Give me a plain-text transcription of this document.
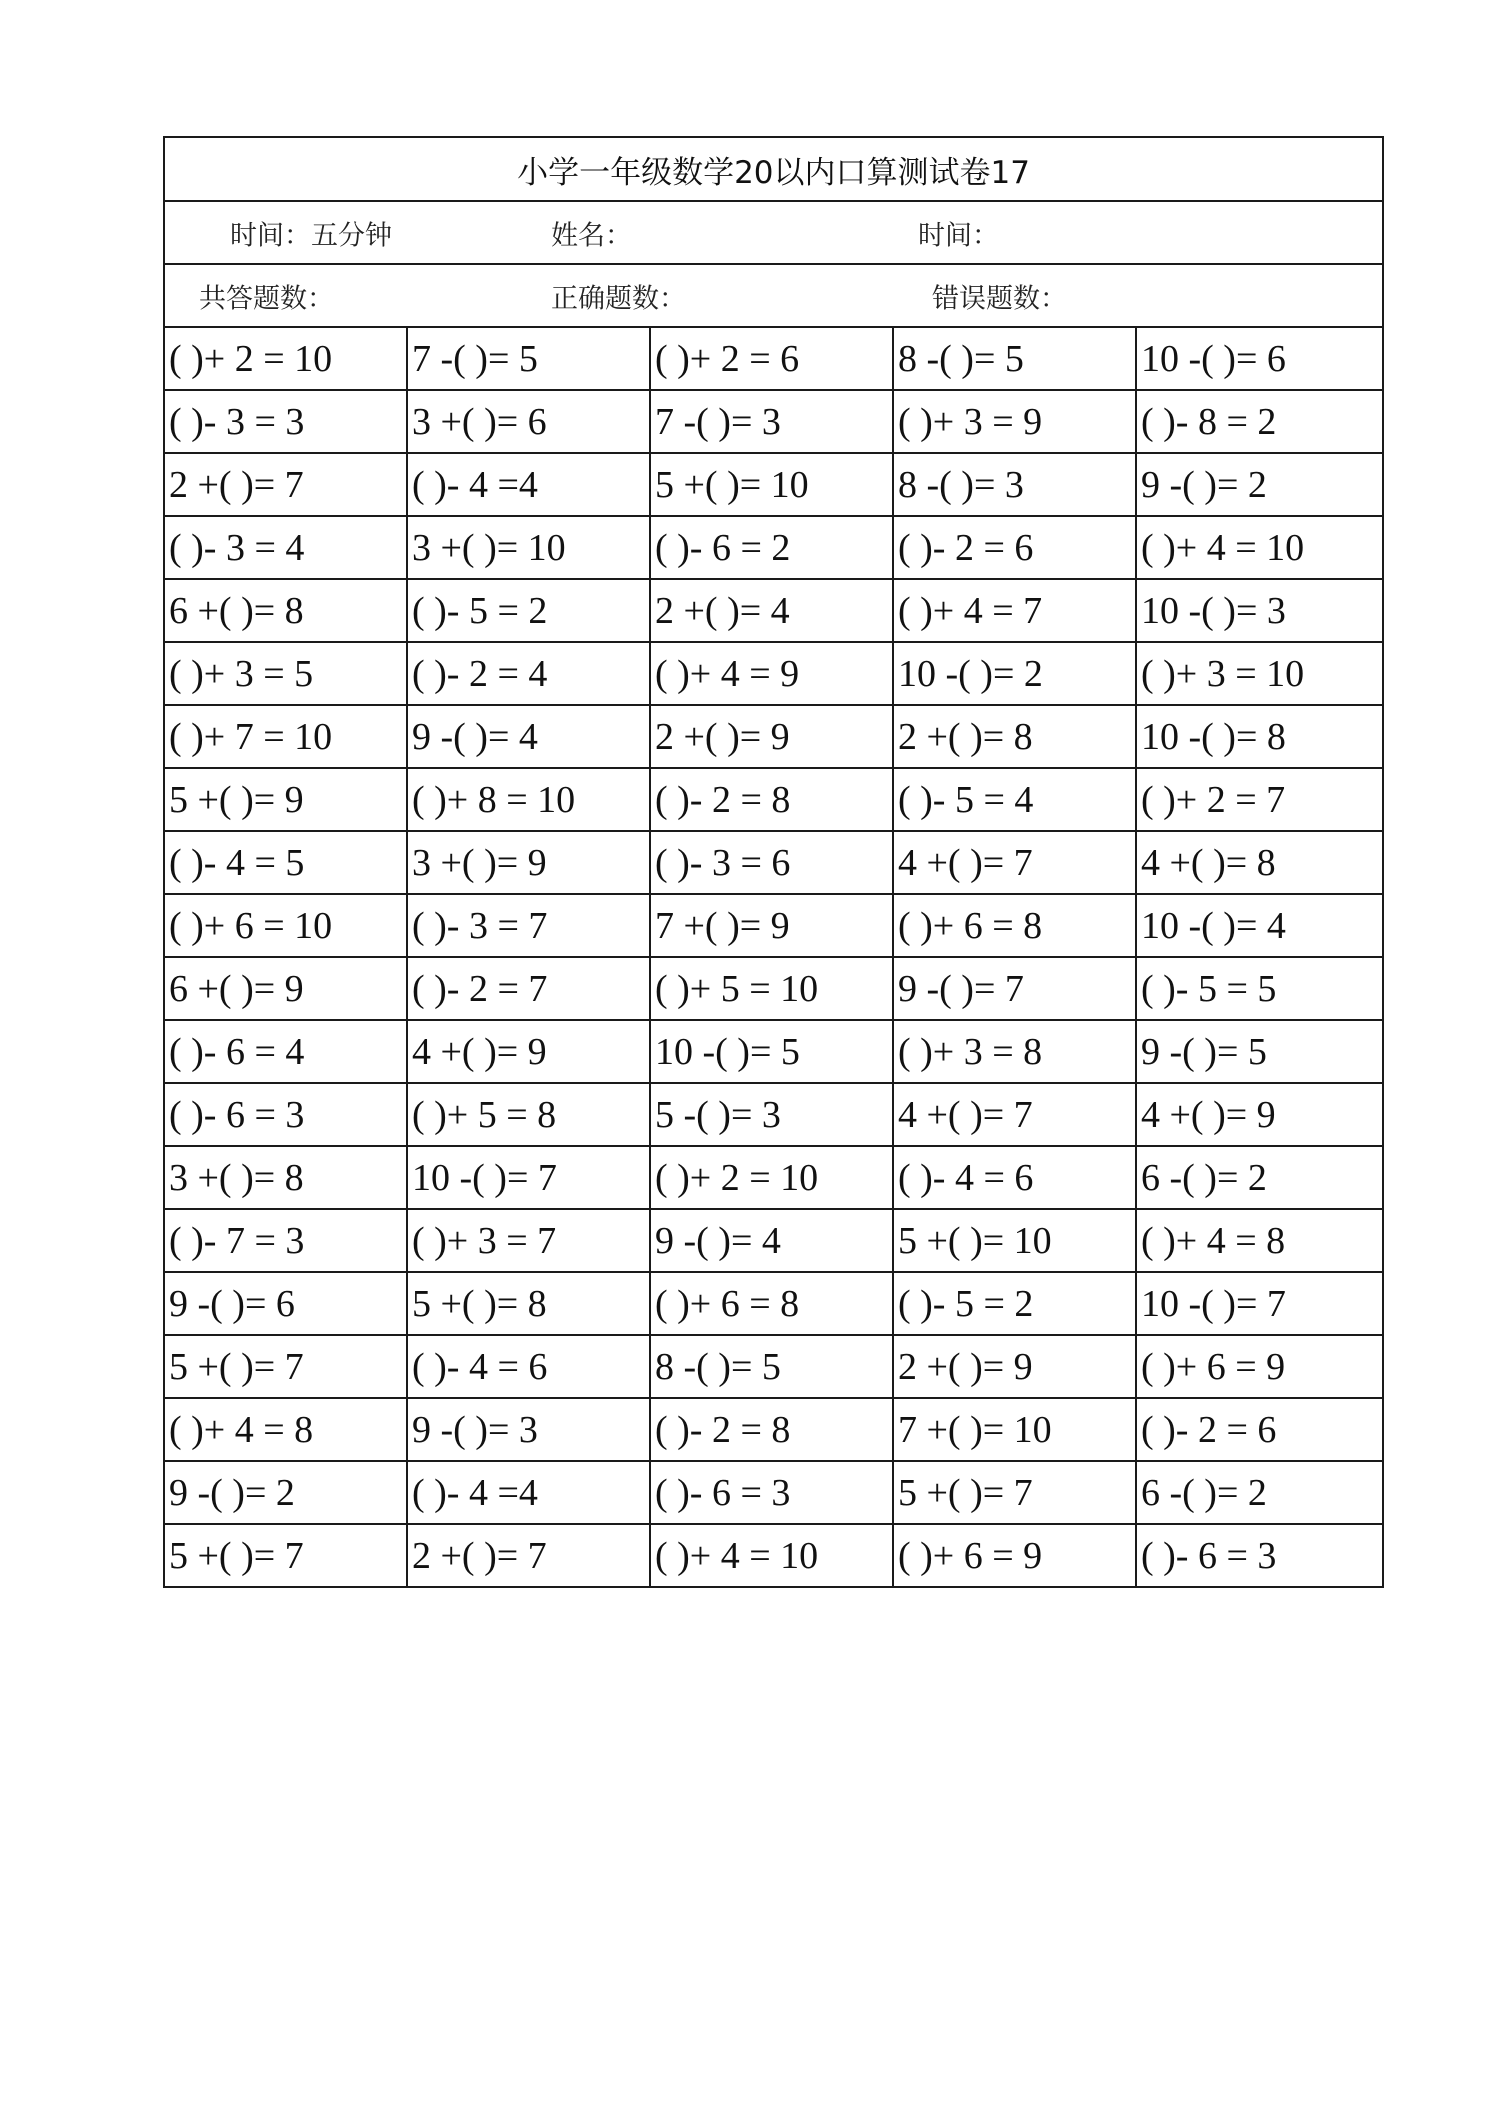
小学一年级数学20以内口算测试卷17				

时间：五分钟 姓名： 时间：				

共答题数： 正确题数： 错误题数：				

( )+ 2 = 10	7 -( )= 5	( )+ 2 = 6	8 -( )= 5	10 -( )= 6
( )- 3 = 3	3 +( )= 6	7 -( )= 3	( )+ 3 = 9	( )- 8 = 2
2 +( )= 7	( )- 4 =4	5 +( )= 10	8 -( )= 3	9 -( )= 2
( )- 3 = 4	3 +( )= 10	( )- 6 = 2	( )- 2 = 6	( )+ 4 = 10
6 +( )= 8	( )- 5 = 2	2 +( )= 4	( )+ 4 = 7	10 -( )= 3
( )+ 3 = 5	( )- 2 = 4	( )+ 4 = 9	10 -( )= 2	( )+ 3 = 10
( )+ 7 = 10	9 -( )= 4	2 +( )= 9	2 +( )= 8	10 -( )= 8
5 +( )= 9	( )+ 8 = 10	( )- 2 = 8	( )- 5 = 4	( )+ 2 = 7
( )- 4 = 5	3 +( )= 9	( )- 3 = 6	4 +( )= 7	4 +( )= 8
( )+ 6 = 10	( )- 3 = 7	7 +( )= 9	( )+ 6 = 8	10 -( )= 4
6 +( )= 9	( )- 2 = 7	( )+ 5 = 10	9 -( )= 7	( )- 5 = 5
( )- 6 = 4	4 +( )= 9	10 -( )= 5	( )+ 3 = 8	9 -( )= 5
( )- 6 = 3	( )+ 5 = 8	5 -( )= 3	4 +( )= 7	4 +( )= 9
3 +( )= 8	10 -( )= 7	( )+ 2 = 10	( )- 4 = 6	6 -( )= 2
( )- 7 = 3	( )+ 3 = 7	9 -( )= 4	5 +( )= 10	( )+ 4 = 8
9 -( )= 6	5 +( )= 8	( )+ 6 = 8	( )- 5 = 2	10 -( )= 7
5 +( )= 7	( )- 4 = 6	8 -( )= 5	2 +( )= 9	( )+ 6 = 9
( )+ 4 = 8	9 -( )= 3	( )- 2 = 8	7 +( )= 10	( )- 2 = 6
9 -( )= 2	( )- 4 =4	( )- 6 = 3	5 +( )= 7	6 -( )= 2
5 +( )= 7	2 +( )= 7	( )+ 4 = 10	( )+ 6 = 9	( )- 6 = 3
